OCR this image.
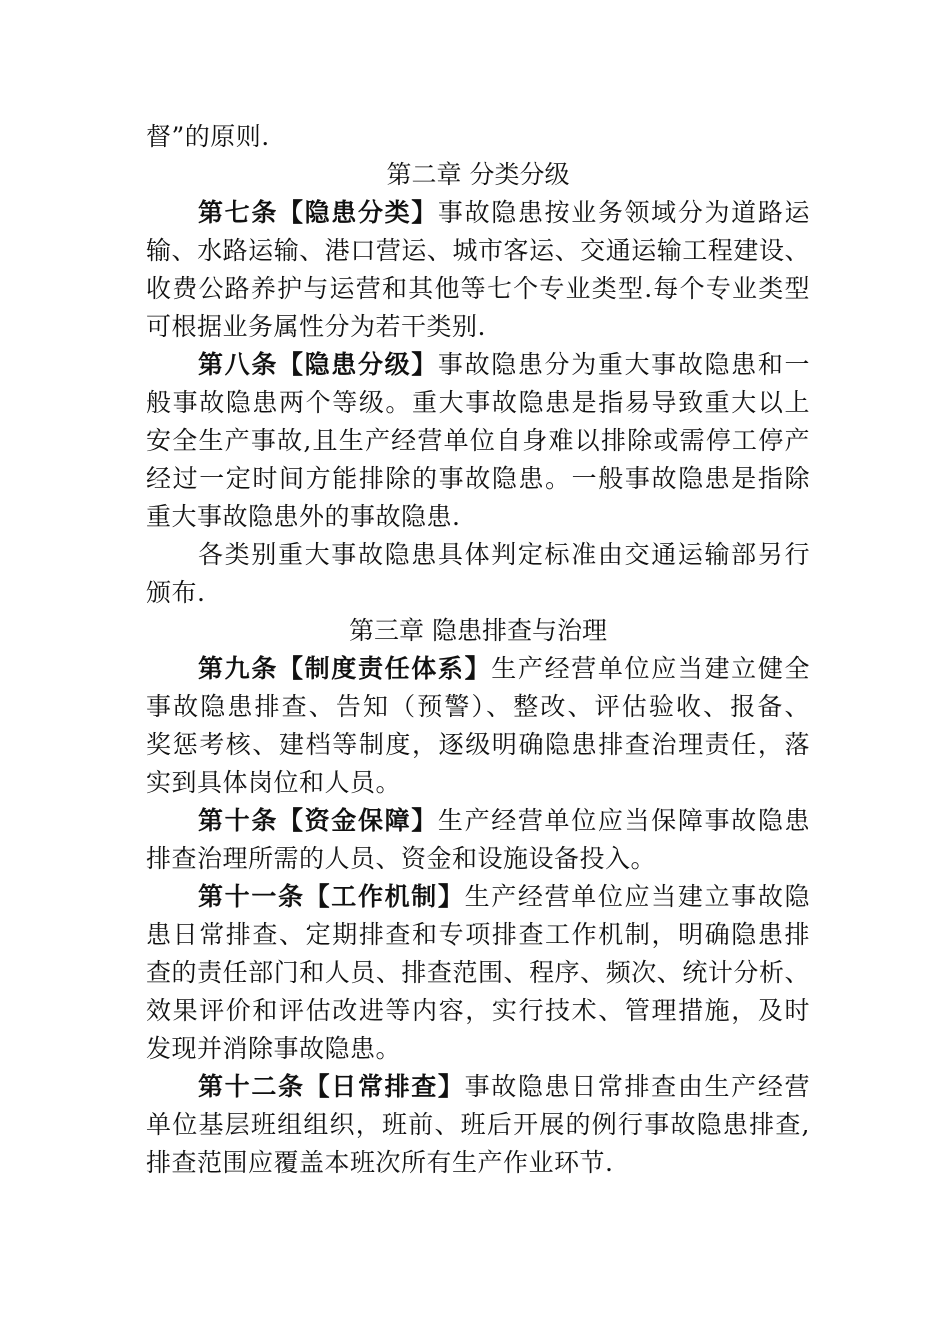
督”的原则.
第二章 分类分级
第七条【隐患分类】事故隐患按业务领域分为道路运
输、水路运输、港口营运、城市客运、交通运输工程建设、
收费公路养护与运营和其他等七个专业类型.每个专业类型
可根据业务属性分为若干类别.
第八条【隐患分级】事故隐患分为重大事故隐患和一
般事故隐患两个等级。重大事故隐患是指易导致重大以上
安全生产事故,且生产经营单位自身难以排除或需停工停产
经过一定时间方能排除的事故隐患。一般事故隐患是指除
重大事故隐患外的事故隐患.
各类别重大事故隐患具体判定标准由交通运输部另行
颁布.
第三章 隐患排查与治理
第九条【制度责任体系】生产经营单位应当建立健全
事故隐患排查、告知（预警）、整改、评估验收、报备、
奖惩考核、建档等制度，逐级明确隐患排查治理责任，落
实到具体岗位和人员。
第十条【资金保障】生产经营单位应当保障事故隐患
排查治理所需的人员、资金和设施设备投入。
第十一条【工作机制】生产经营单位应当建立事故隐
患日常排查、定期排查和专项排查工作机制，明确隐患排
查的责任部门和人员、排查范围、程序、频次、统计分析、
效果评价和评估改进等内容，实行技术、管理措施，及时
发现并消除事故隐患。
第十二条【日常排查】事故隐患日常排查由生产经营
单位基层班组组织，班前、班后开展的例行事故隐患排查,
排查范围应覆盖本班次所有生产作业环节.
